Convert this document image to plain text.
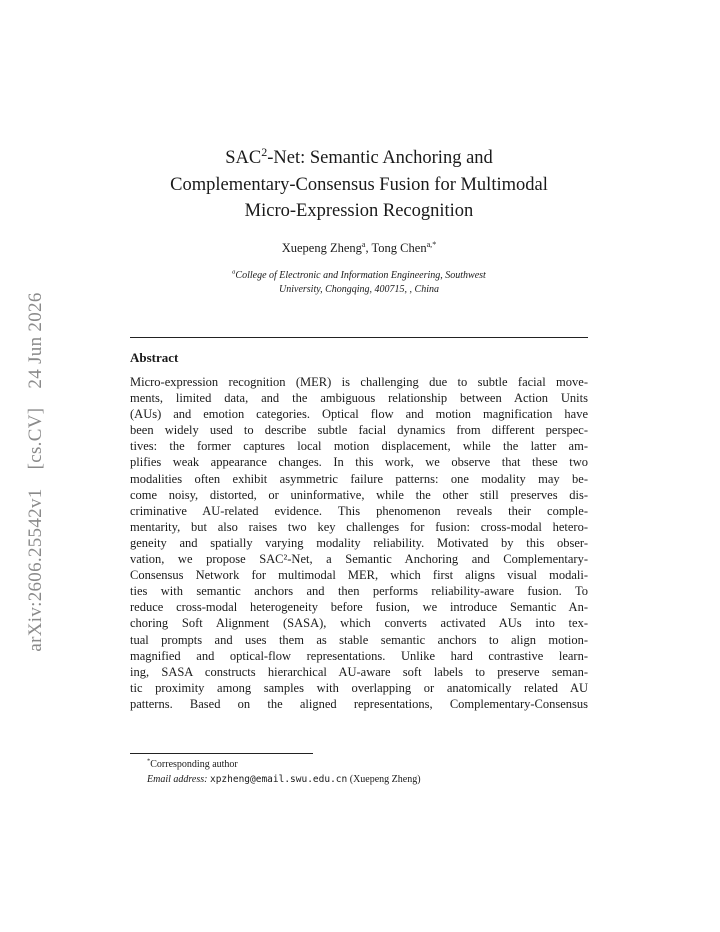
arXiv:2606.25542v1 [cs.CV] 24 Jun 2026
SAC$^2$-Net: Semantic Anchoring and
Complementary-Consensus Fusion for Multimodal
Micro-Expression Recognition
Xuepeng Zheng$^a$, Tong Chen$^{a,*}$
$^a$College of Electronic and Information Engineering, Southwest
University, Chongqing, 400715, , China
Abstract
Micro-expression recognition (MER) is challenging due to subtle facial move-
ments, limited data, and the ambiguous relationship between Action Units
(AUs) and emotion categories. Optical flow and motion magnification have
been widely used to describe subtle facial dynamics from different perspec-
tives: the former captures local motion displacement, while the latter am-
plifies weak appearance changes. In this work, we observe that these two
modalities often exhibit asymmetric failure patterns: one modality may be-
come noisy, distorted, or uninformative, while the other still preserves dis-
criminative AU-related evidence. This phenomenon reveals their comple-
mentarity, but also raises two key challenges for fusion: cross-modal hetero-
geneity and spatially varying modality reliability. Motivated by this obser-
vation, we propose SAC²-Net, a Semantic Anchoring and Complementary-
Consensus Network for multimodal MER, which first aligns visual modali-
ties with semantic anchors and then performs reliability-aware fusion. To
reduce cross-modal heterogeneity before fusion, we introduce Semantic An-
choring Soft Alignment (SASA), which converts activated AUs into tex-
tual prompts and uses them as stable semantic anchors to align motion-
magnified and optical-flow representations. Unlike hard contrastive learn-
ing, SASA constructs hierarchical AU-aware soft labels to preserve seman-
tic proximity among samples with overlapping or anatomically related AU
patterns. Based on the aligned representations, Complementary-Consensus
*Corresponding author
Email address: xpzheng@email.swu.edu.cn (Xuepeng Zheng)
